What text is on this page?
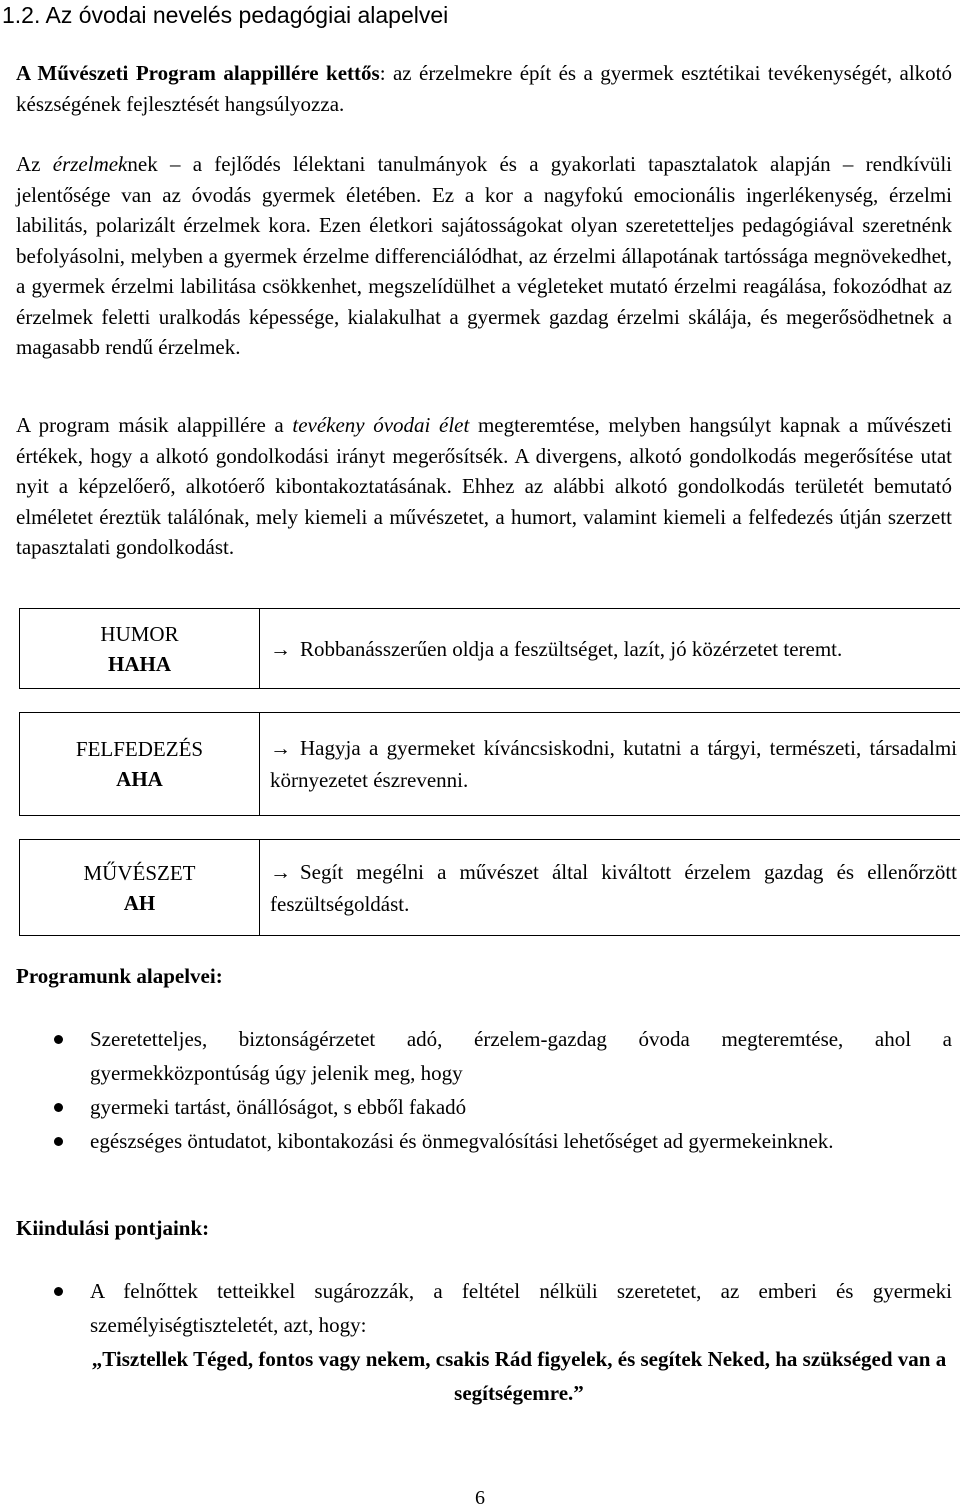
1.2. Az óvodai nevelés pedagógiai alapelvei

A Művészeti Program alappillére kettős: az érzelmekre épít és a gyermek esztétikai tevékenységét, alkotó készségének fejlesztését hangsúlyozza.

Az érzelmeknek – a fejlődés lélektani tanulmányok és a gyakorlati tapasztalatok alapján – rendkívüli jelentősége van az óvodás gyermek életében. Ez a kor a nagyfokú emocionális ingerlékenység, érzelmi labilitás, polarizált érzelmek kora. Ezen életkori sajátosságokat olyan szeretetteljes pedagógiával szeretnénk befolyásolni, melyben a gyermek érzelme differenciálódhat, az érzelmi állapotának tartóssága megnövekedhet, a gyermek érzelmi labilitása csökkenhet, megszelídülhet a végleteket mutató érzelmi reagálása, fokozódhat az érzelmek feletti uralkodás képessége, kialakulhat a gyermek gazdag érzelmi skálája, és megerősödhetnek a magasabb rendű érzelmek.

A program másik alappillére a tevékeny óvodai élet megteremtése, melyben hangsúlyt kapnak a művészeti értékek, hogy a alkotó gondolkodási irányt megerősítsék. A divergens, alkotó gondolkodás megerősítése utat nyit a képzelőerő, alkotóerő kibontakoztatásának. Ehhez az alábbi alkotó gondolkodás területét bemutató elméletet éreztük találónak, mely kiemeli a művészetet, a humort, valamint kiemeli a felfedezés útján szerzett tapasztalati gondolkodást.

HUMOR
HAHA
→ Robbanásszerűen oldja a feszültséget, lazít, jó közérzetet teremt.
FELFEDEZÉS
AHA
→ Hagyja a gyermeket kíváncsiskodni, kutatni a tárgyi, természeti, társadalmi környezetet észrevenni.
MŰVÉSZET
AH
→ Segít megélni a művészet által kiváltott érzelem gazdag és ellenőrzött feszültségoldást.
Programunk alapelvei:
Szeretetteljes, biztonságérzetet adó, érzelem-gazdag óvoda megteremtése, ahol a gyermekközpontúság úgy jelenik meg, hogy
gyermeki tartást, önállóságot, s ebből fakadó
egészséges öntudatot, kibontakozási és önmegvalósítási lehetőséget ad gyermekeinknek.
Kiindulási pontjaink:
A felnőttek tetteikkel sugározzák, a feltétel nélküli szeretetet, az emberi és gyermeki személyiségtiszteletét, azt, hogy:
„Tisztellek Téged, fontos vagy nekem, csakis Rád figyelek, és segítek Neked, ha szükséged van a segítségemre.”
6
